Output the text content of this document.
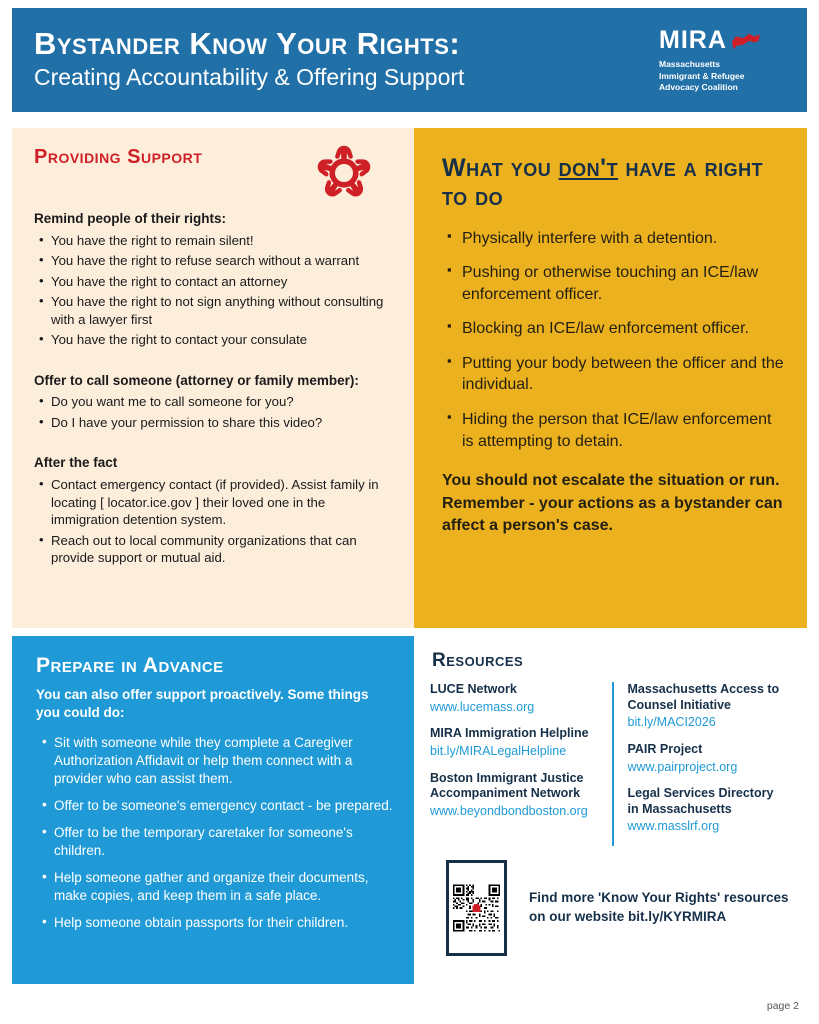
Bystander Know Your Rights:
Creating Accountability & Offering Support
MIRA
Massachusetts
Immigrant & Refugee
Advocacy Coalition
Providing Support
Remind people of their rights:
• You have the right to remain silent!
• You have the right to refuse search without a warrant
• You have the right to contact an attorney
• You have the right to not sign anything without consulting with a lawyer first
• You have the right to contact your consulate
Offer to call someone (attorney or family member):
• Do you want me to call someone for you?
• Do I have your permission to share this video?
After the fact
• Contact emergency contact (if provided). Assist family in locating [ locator.ice.gov ] their loved one in the immigration detention system.
• Reach out to local community organizations that can provide support or mutual aid.
What you don't have a right to do
▪ Physically interfere with a detention.
▪ Pushing or otherwise touching an ICE/law enforcement officer.
▪ Blocking an ICE/law enforcement officer.
▪ Putting your body between the officer and the individual.
▪ Hiding the person that ICE/law enforcement is attempting to detain.
You should not escalate the situation or run. Remember - your actions as a bystander can affect a person's case.
Prepare in Advance
You can also offer support proactively. Some things you could do:
• Sit with someone while they complete a Caregiver Authorization Affidavit or help them connect with a provider who can assist them.
• Offer to be someone's emergency contact - be prepared.
• Offer to be the temporary caretaker for someone's children.
• Help someone gather and organize their documents, make copies, and keep them in a safe place.
• Help someone obtain passports for their children.
Resources
LUCE Network
www.lucemass.org
MIRA Immigration Helpline
bit.ly/MIRALegalHelpline
Boston Immigrant Justice Accompaniment Network
www.beyondbondboston.org
Massachusetts Access to Counsel Initiative
bit.ly/MACI2026
PAIR Project
www.pairproject.org
Legal Services Directory in Massachusetts
www.masslrf.org
Find more 'Know Your Rights' resources on our website bit.ly/KYRMIRA
page 2
